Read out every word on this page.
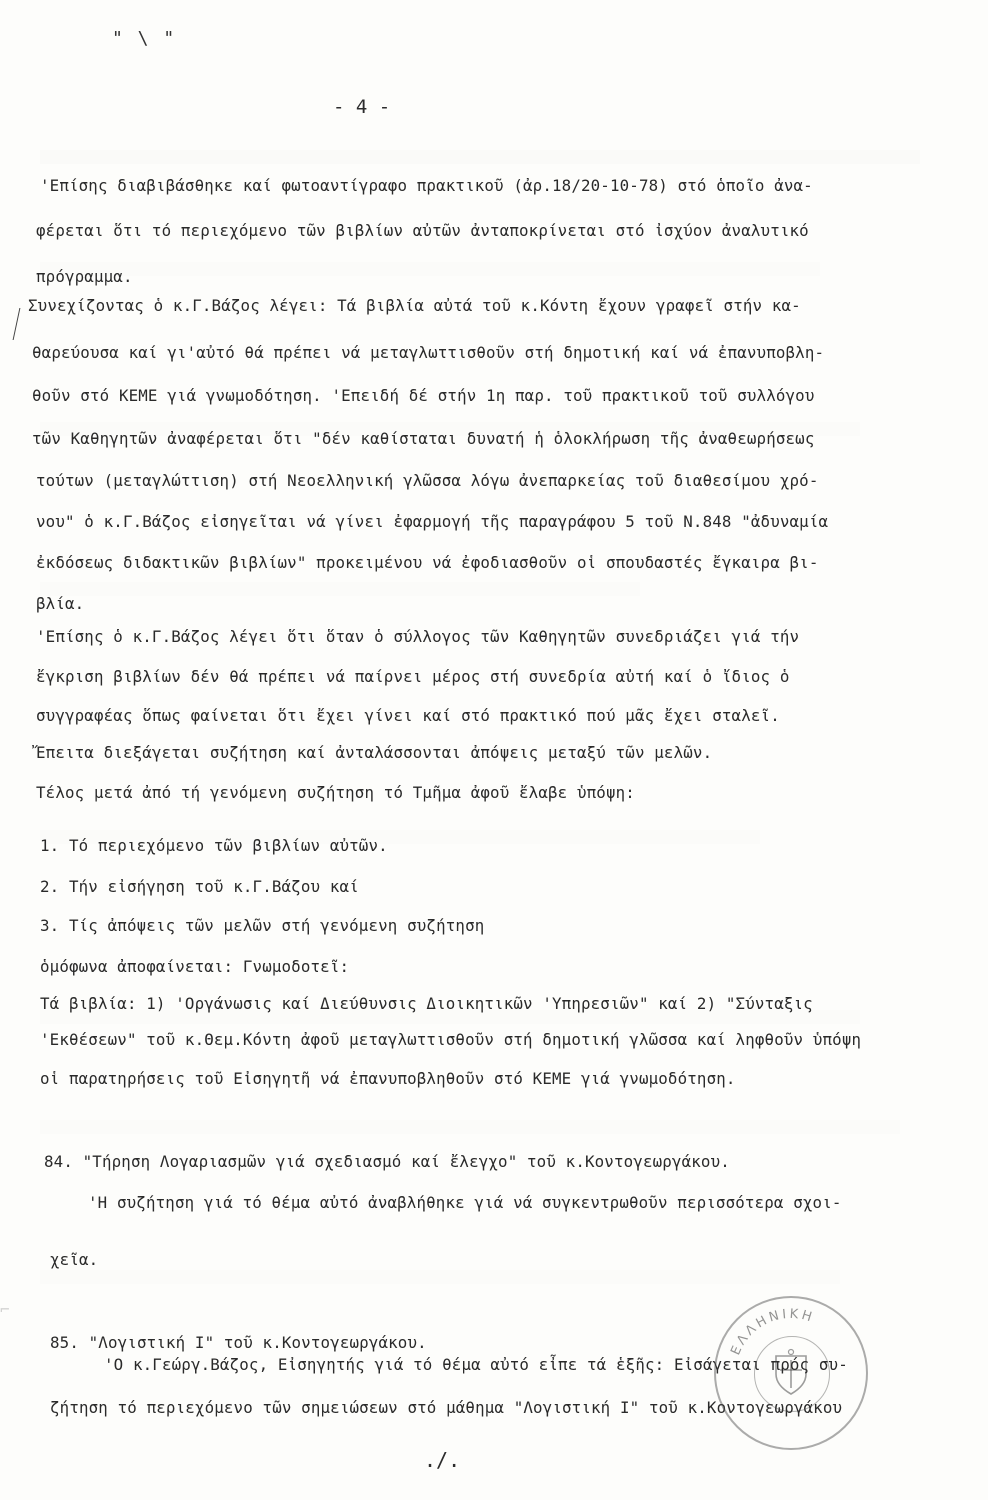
" \ "
- 4 -
'Επίσης διαβιβάσθηκε καί φωτοαντίγραφο πρακτικοῦ (ἀρ.18/20-10-78) στό ὁποῖο ἀνα-
φέρεται ὅτι τό περιεχόμενο τῶν βιβλίων αὐτῶν ἀνταποκρίνεται στό ἰσχύον ἀναλυτικό
πρόγραμμα.
Συνεχίζοντας ὁ κ.Γ.Βάζος λέγει: Τά βιβλία αὐτά τοῦ κ.Κόντη ἔχουν γραφεῖ στήν κα-
θαρεύουσα καί γι'αὐτό θά πρέπει νά μεταγλωττισθοῦν στή δημοτική καί νά ἐπανυποβλη-
θοῦν στό ΚΕΜΕ γιά γνωμοδότηση. 'Επειδή δέ στήν 1η παρ. τοῦ πρακτικοῦ τοῦ συλλόγου
τῶν Καθηγητῶν ἀναφέρεται ὅτι "δέν καθίσταται δυνατή ἡ ὁλοκλήρωση τῆς ἀναθεωρήσεως
τούτων (μεταγλώττιση) στή Νεοελληνική γλῶσσα λόγω ἀνεπαρκείας τοῦ διαθεσίμου χρό-
νου" ὁ κ.Γ.Βάζος εἰσηγεῖται νά γίνει ἐφαρμογή τῆς παραγράφου 5 τοῦ Ν.848 "ἀδυναμία
ἐκδόσεως διδακτικῶν βιβλίων" προκειμένου νά ἐφοδιασθοῦν οἱ σπουδαστές ἔγκαιρα βι-
βλία.
'Επίσης ὁ κ.Γ.Βάζος λέγει ὅτι ὅταν ὁ σύλλογος τῶν Καθηγητῶν συνεδριάζει γιά τήν
ἔγκριση βιβλίων δέν θά πρέπει νά παίρνει μέρος στή συνεδρία αὐτή καί ὁ ἴδιος ὁ
συγγραφέας ὅπως φαίνεται ὅτι ἔχει γίνει καί στό πρακτικό πού μᾶς ἔχει σταλεῖ.
Ἔπειτα διεξάγεται συζήτηση καί ἀνταλάσσονται ἀπόψεις μεταξύ τῶν μελῶν.
Τέλος μετά ἀπό τή γενόμενη συζήτηση τό Τμῆμα ἀφοῦ ἔλαβε ὑπόψη:
1. Τό περιεχόμενο τῶν βιβλίων αὐτῶν.
2. Τήν εἰσήγηση τοῦ κ.Γ.Βάζου καί
3. Τίς ἀπόψεις τῶν μελῶν στή γενόμενη συζήτηση
ὁμόφωνα ἀποφαίνεται: Γνωμοδοτεῖ:
Τά βιβλία: 1) 'Οργάνωσις καί Διεύθυνσις Διοικητικῶν 'Υπηρεσιῶν" καί 2) "Σύνταξις
'Εκθέσεων" τοῦ κ.Θεμ.Κόντη ἀφοῦ μεταγλωττισθοῦν στή δημοτική γλῶσσα καί ληφθοῦν ὑπόψη
οἱ παρατηρήσεις τοῦ Εἰσηγητῆ νά ἐπανυποβληθοῦν στό ΚΕΜΕ γιά γνωμοδότηση.
84. "Τήρηση Λογαριασμῶν γιά σχεδιασμό καί ἔλεγχο" τοῦ κ.Κοντογεωργάκου.
'Η συζήτηση γιά τό θέμα αὐτό ἀναβλήθηκε γιά νά συγκεντρωθοῦν περισσότερα σχοι-
χεῖα.
85. "Λογιστική Ι" τοῦ κ.Κοντογεωργάκου.
'Ο κ.Γεώργ.Βάζος, Εἰσηγητής γιά τό θέμα αὐτό εἶπε τά ἑξῆς: Εἰσάγεται πρός συ-
ζήτηση τό περιεχόμενο τῶν σημειώσεων στό μάθημα "Λογιστική Ι" τοῦ κ.Κοντογεωργάκου
ΕΛΛΗΝΙΚΗ
⌐
./.
